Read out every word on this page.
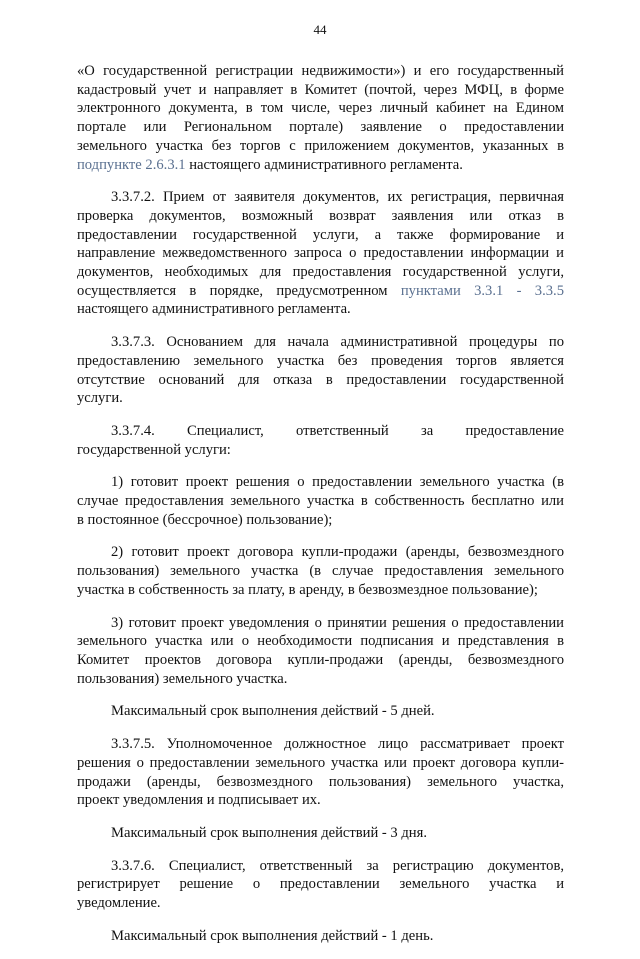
44
«О государственной регистрации недвижимости») и его государственный
кадастровый учет и направляет в Комитет (почтой, через МФЦ, в форме
электронного документа, в том числе, через личный кабинет на Едином
портале или Региональном портале) заявление о предоставлении
земельного участка без торгов с приложением документов, указанных в
подпункте 2.6.3.1 настоящего административного регламента.
3.3.7.2. Прием от заявителя документов, их регистрация, первичная
проверка документов, возможный возврат заявления или отказ в
предоставлении государственной услуги, а также формирование и
направление межведомственного запроса о предоставлении информации и
документов, необходимых для предоставления государственной услуги,
осуществляется в порядке, предусмотренном пунктами 3.3.1 - 3.3.5
настоящего административного регламента.
3.3.7.3. Основанием для начала административной процедуры по
предоставлению земельного участка без проведения торгов является
отсутствие оснований для отказа в предоставлении государственной
услуги.
3.3.7.4. Специалист, ответственный за предоставление
государственной услуги:
1) готовит проект решения о предоставлении земельного участка (в
случае предоставления земельного участка в собственность бесплатно или
в постоянное (бессрочное) пользование);
2) готовит проект договора купли-продажи (аренды, безвозмездного
пользования) земельного участка (в случае предоставления земельного
участка в собственность за плату, в аренду, в безвозмездное пользование);
3) готовит проект уведомления о принятии решения о предоставлении
земельного участка или о необходимости подписания и представления в
Комитет проектов договора купли-продажи (аренды, безвозмездного
пользования) земельного участка.
Максимальный срок выполнения действий - 5 дней.
3.3.7.5. Уполномоченное должностное лицо рассматривает проект
решения о предоставлении земельного участка или проект договора купли-
продажи (аренды, безвозмездного пользования) земельного участка,
проект уведомления и подписывает их.
Максимальный срок выполнения действий - 3 дня.
3.3.7.6. Специалист, ответственный за регистрацию документов,
регистрирует решение о предоставлении земельного участка и
уведомление.
Максимальный срок выполнения действий - 1 день.
